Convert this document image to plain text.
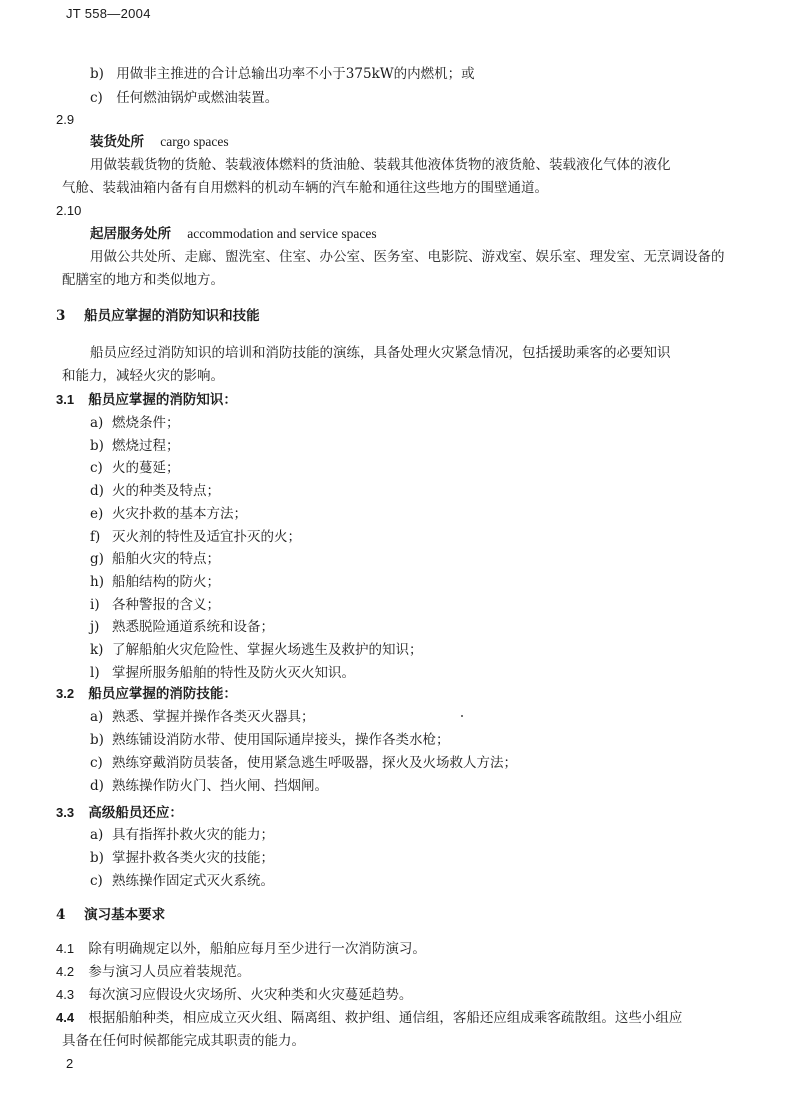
JT 558—2004
b) 用做非主推进的合计总输出功率不小于375kW的内燃机；或
c) 任何燃油锅炉或燃油装置。
2.9
装货处所 cargo spaces
用做装载货物的货舱、装载液体燃料的货油舱、装载其他液体货物的液货舱、装载液化气体的液化
气舱、装载油箱内备有自用燃料的机动车辆的汽车舱和通往这些地方的围壁通道。
2.10
起居服务处所 accommodation and service spaces
用做公共处所、走廊、盥洗室、住室、办公室、医务室、电影院、游戏室、娱乐室、理发室、无烹调设备的
配膳室的地方和类似地方。
3 船员应掌握的消防知识和技能
船员应经过消防知识的培训和消防技能的演练，具备处理火灾紧急情况，包括援助乘客的必要知识
和能力，减轻火灾的影响。
3.1 船员应掌握的消防知识：
a) 燃烧条件；
b) 燃烧过程；
c) 火的蔓延；
d) 火的种类及特点；
e) 火灾扑救的基本方法；
f) 灭火剂的特性及适宜扑灭的火；
g) 船舶火灾的特点；
h) 船舶结构的防火；
i) 各种警报的含义；
j) 熟悉脱险通道系统和设备；
k) 了解船舶火灾危险性、掌握火场逃生及救护的知识；
l) 掌握所服务船舶的特性及防火灭火知识。
3.2 船员应掌握的消防技能：
a) 熟悉、掌握并操作各类灭火器具；
b) 熟练铺设消防水带、使用国际通岸接头，操作各类水枪；
c) 熟练穿戴消防员装备，使用紧急逃生呼吸器，探火及火场救人方法；
d) 熟练操作防火门、挡火闸、挡烟闸。
3.3 高级船员还应：
a) 具有指挥扑救火灾的能力；
b) 掌握扑救各类火灾的技能；
c) 熟练操作固定式灭火系统。
4 演习基本要求
4.1 除有明确规定以外，船舶应每月至少进行一次消防演习。
4.2 参与演习人员应着装规范。
4.3 每次演习应假设火灾场所、火灾种类和火灾蔓延趋势。
4.4 根据船舶种类，相应成立灭火组、隔离组、救护组、通信组，客船还应组成乘客疏散组。这些小组应
具备在任何时候都能完成其职责的能力。
2
